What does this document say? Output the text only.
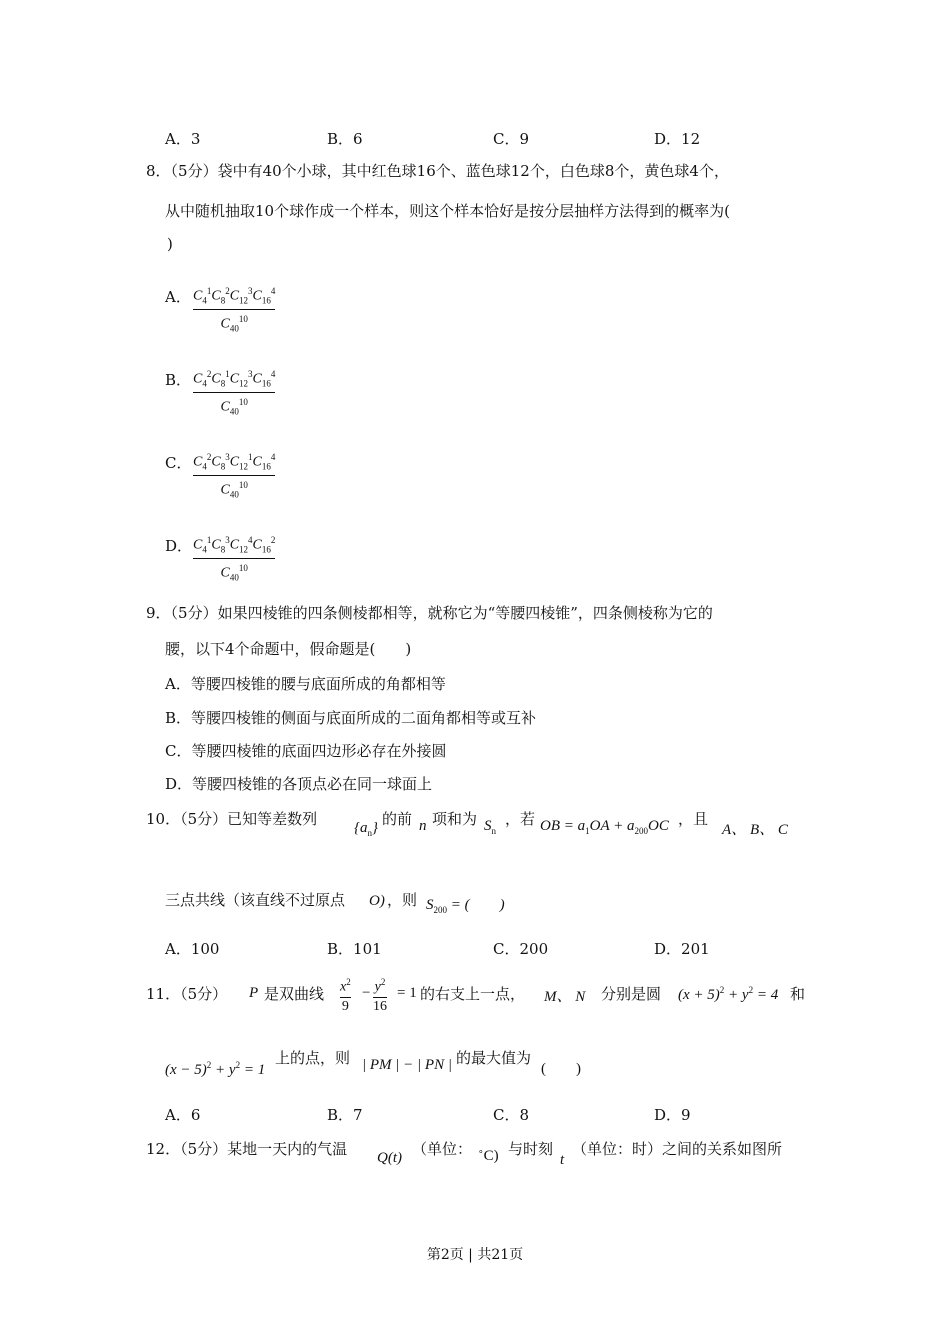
A．3	B．6	C．9	D．12
8．（5分）袋中有40个小球，其中红色球16个、蓝色球12个，白色球8个，黄色球4个，
从中随机抽取10个球作成一个样本，则这个样本恰好是按分层抽样方法得到的概率为(
)
A． $C_4^1C_8^2C_{12}^3C_{16}^4$
$C_{40}^{10}$
B． $C_4^2C_8^1C_{12}^3C_{16}^4$
$C_{40}^{10}$
C． $C_4^2C_8^3C_{12}^1C_{16}^4$
$C_{40}^{10}$
D． $C_4^1C_8^3C_{12}^4C_{16}^2$
$C_{40}^{10}$
9．（5分）如果四棱锥的四条侧棱都相等，就称它为“等腰四棱锥”，四条侧棱称为它的
腰，以下4个命题中，假命题是(　　)
A．等腰四棱锥的腰与底面所成的角都相等
B．等腰四棱锥的侧面与底面所成的二面角都相等或互补
C．等腰四棱锥的底面四边形必存在外接圆
D．等腰四棱锥的各顶点必在同一球面上
10．（5分）已知等差数列 $\{a_n\}$ 的前 n 项和为 $S_n$
，若 OB = $a_1OA + a_{200}OC$ ，且
A、 B、 C
三点共线（该直线不过原点 O) ，则 $S_{200}$ = (　　)
A．100	B．101	C．200	D．201
11．（5分） P 是双曲线 $x^2$
9
− $y^2$
16
= 1 的右支上一点， M、 N 分别是圆 $(x + 5)^2 + y^2 = 4$ 和
$(x - 5)^2 + y^2 = 1$
上的点，则 | PM | − | PN | 的最大值为
(　　)
A．6	B．7	C．8	D．9
12．（5分）某地一天内的气温 Q(t) （单位： ∘C) 与时刻
t
（单位：时）之间的关系如图所
第2页 | 共21页
